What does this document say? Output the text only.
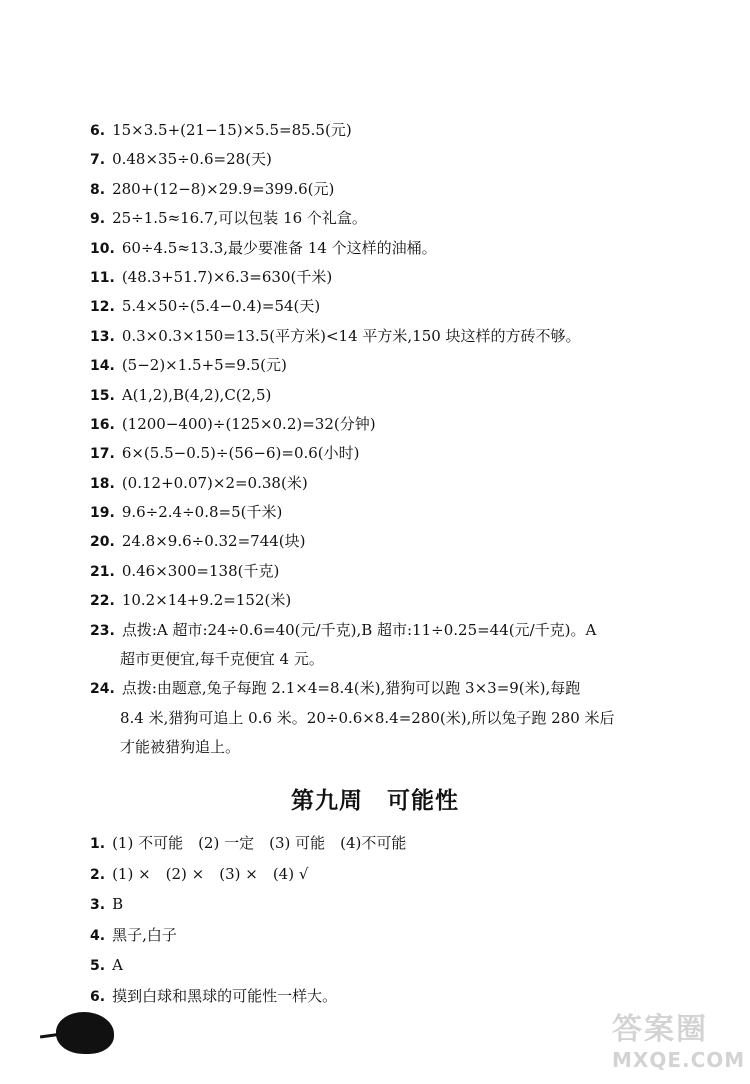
6. 15×3.5+(21−15)×5.5=85.5(元)
7. 0.48×35÷0.6=28(天)
8. 280+(12−8)×29.9=399.6(元)
9. 25÷1.5≈16.7,可以包装 16 个礼盒。
10. 60÷4.5≈13.3,最少要准备 14 个这样的油桶。
11. (48.3+51.7)×6.3=630(千米)
12. 5.4×50÷(5.4−0.4)=54(天)
13. 0.3×0.3×150=13.5(平方米)<14 平方米,150 块这样的方砖不够。
14. (5−2)×1.5+5=9.5(元)
15. A(1,2),B(4,2),C(2,5)
16. (1200−400)÷(125×0.2)=32(分钟)
17. 6×(5.5−0.5)÷(56−6)=0.6(小时)
18. (0.12+0.07)×2=0.38(米)
19. 9.6÷2.4÷0.8=5(千米)
20. 24.8×9.6÷0.32=744(块)
21. 0.46×300=138(千克)
22. 10.2×14+9.2=152(米)
23. 点拨:A 超市:24÷0.6=40(元/千克),B 超市:11÷0.25=44(元/千克)。A
超市更便宜,每千克便宜 4 元。
24. 点拨:由题意,兔子每跑 2.1×4=8.4(米),猎狗可以跑 3×3=9(米),每跑
8.4 米,猎狗可追上 0.6 米。20÷0.6×8.4=280(米),所以兔子跑 280 米后
才能被猎狗追上。
第九周　可能性
1. (1) 不可能　(2) 一定　(3) 可能　(4)不可能
2. (1) ×　(2) ×　(3) ×　(4) √
3. B
4. 黑子,白子
5. A
6. 摸到白球和黑球的可能性一样大。
答案圈
MXQE.COM
